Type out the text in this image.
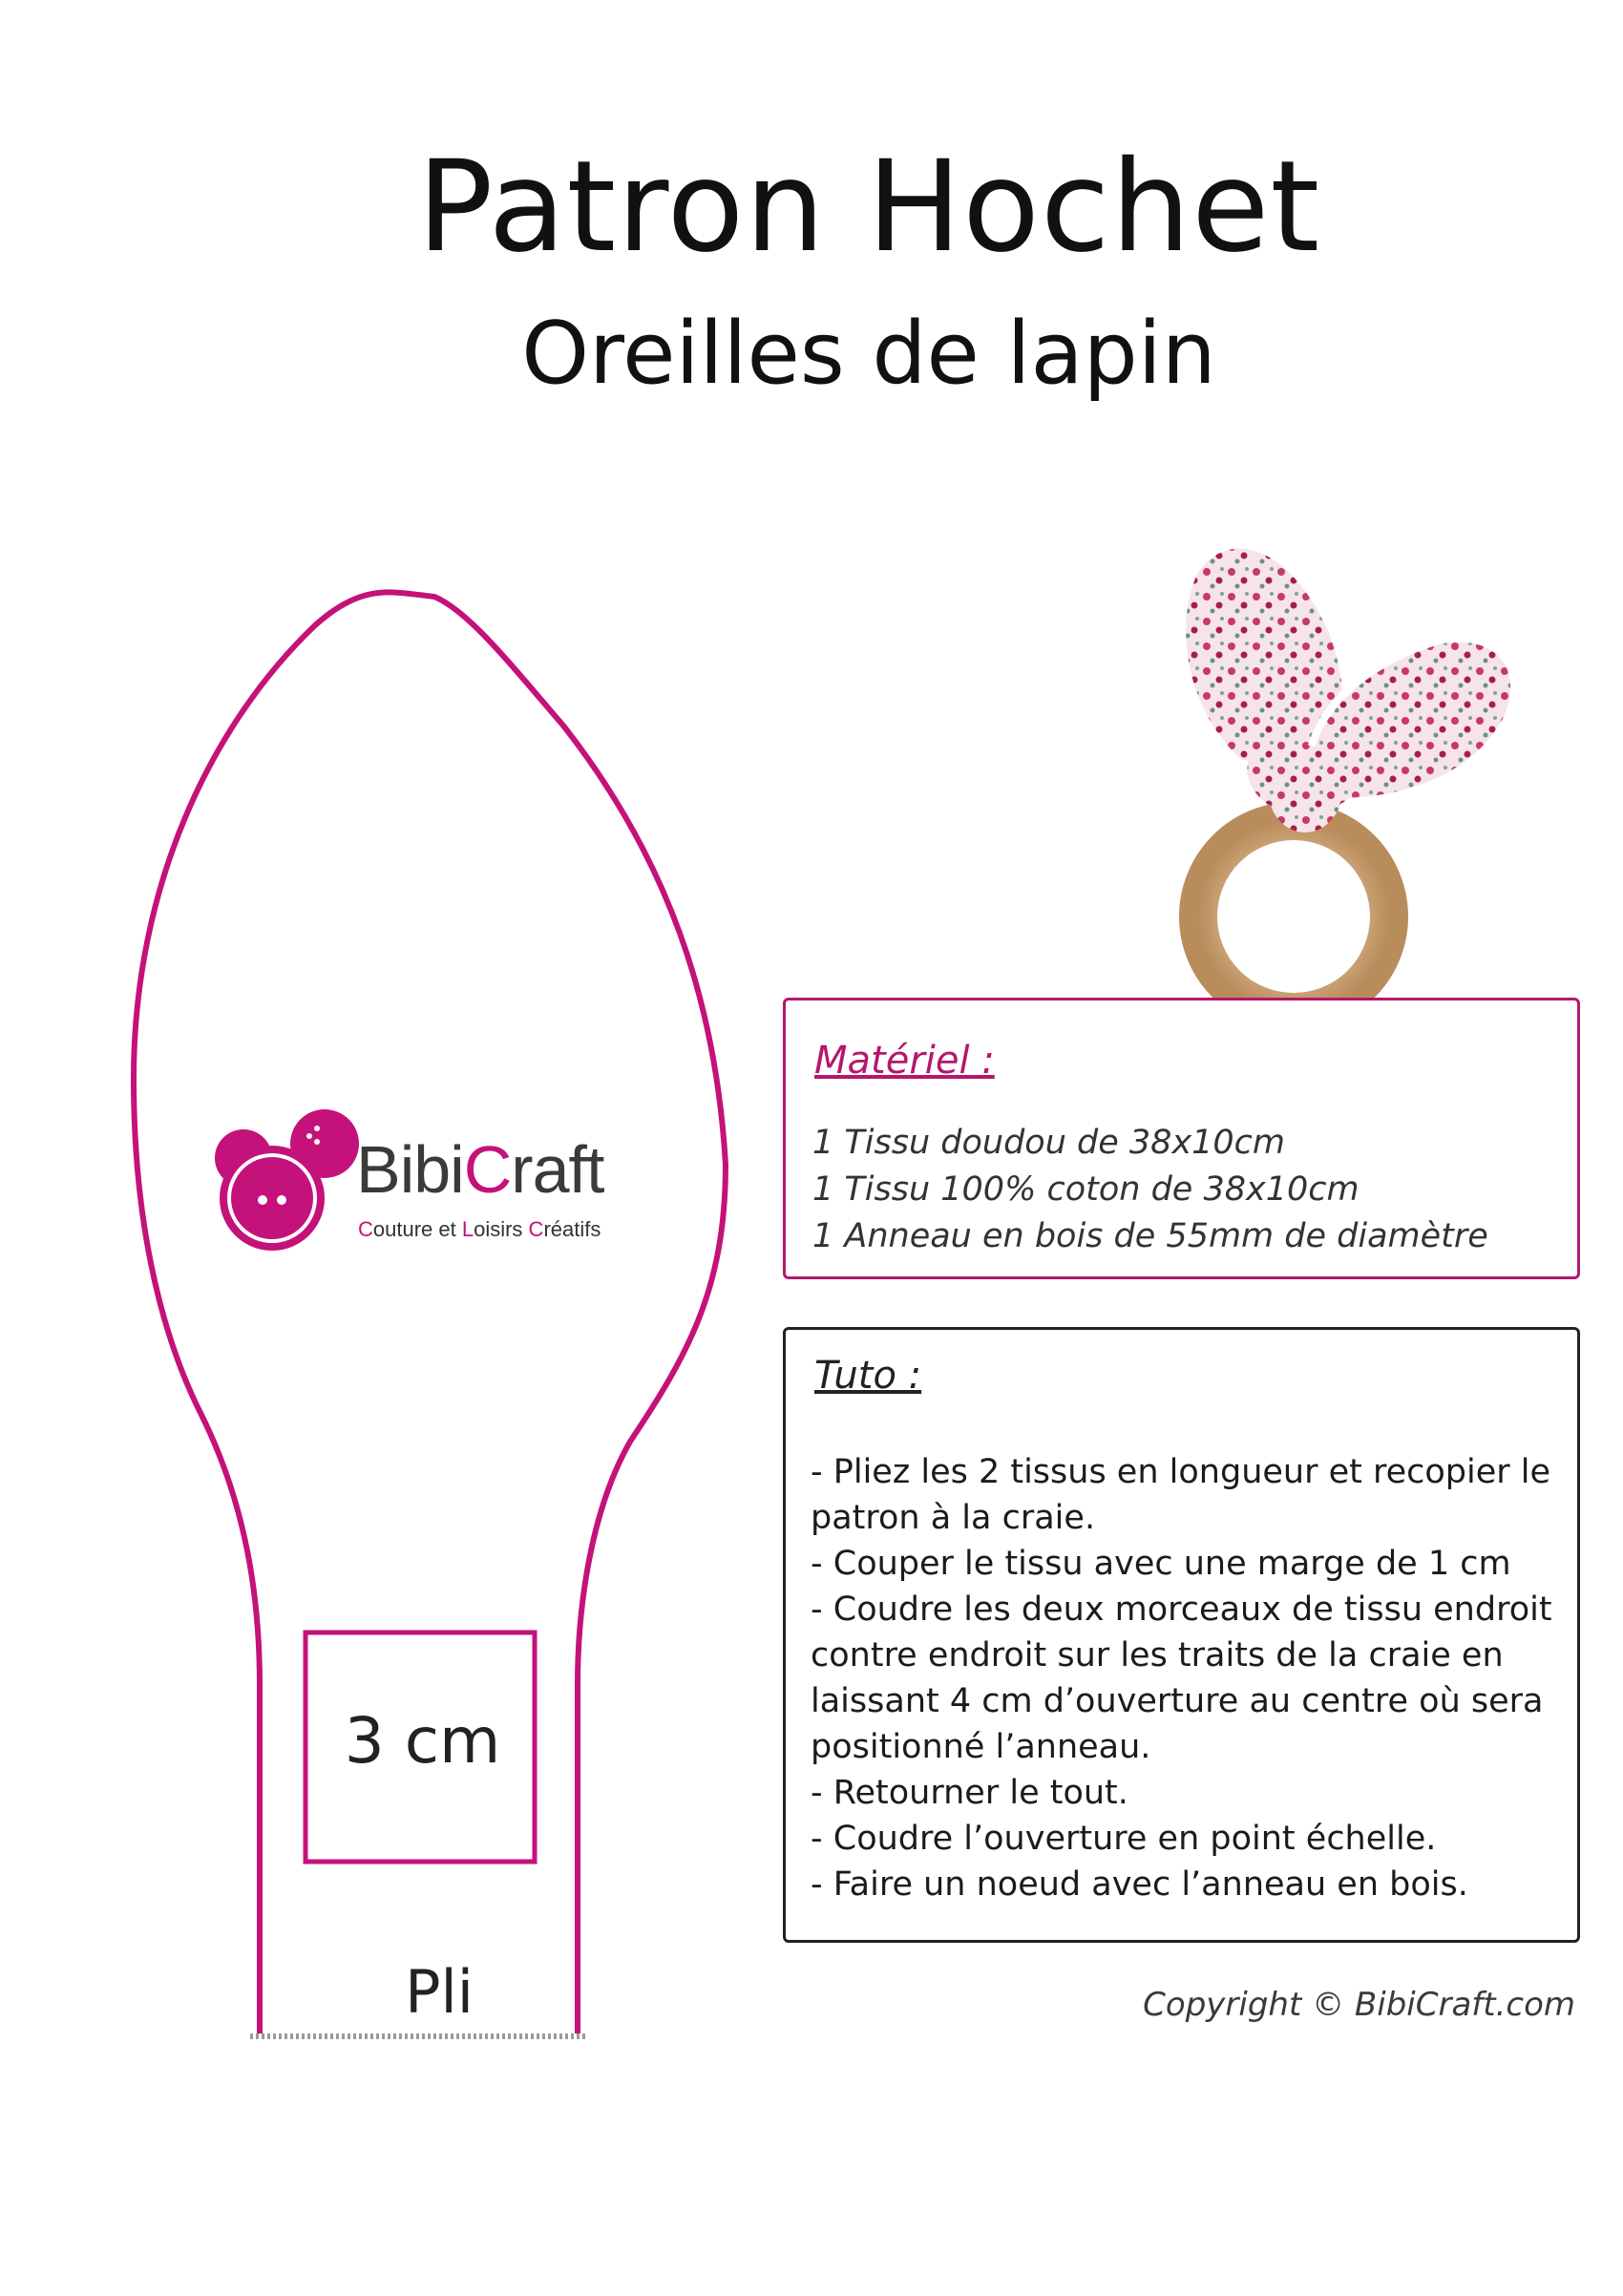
Patron Hochet
Oreilles de lapin
BibiCraft
Couture et Loisirs Créatifs
3 cm
Pli
Matériel :
1 Tissu doudou de 38x10cm
1 Tissu 100% coton de 38x10cm
1 Anneau en bois de 55mm de diamètre
Tuto :
- Pliez les 2 tissus en longueur et recopier le patron à la craie.
- Couper le tissu avec une marge de 1 cm
- Coudre les deux morceaux de tissu endroit contre endroit sur les traits de la craie en laissant 4 cm d’ouverture au centre où sera positionné l’anneau.
- Retourner le tout.
- Coudre l’ouverture en point échelle.
- Faire un noeud avec l’anneau en bois.
Copyright © BibiCraft.com
